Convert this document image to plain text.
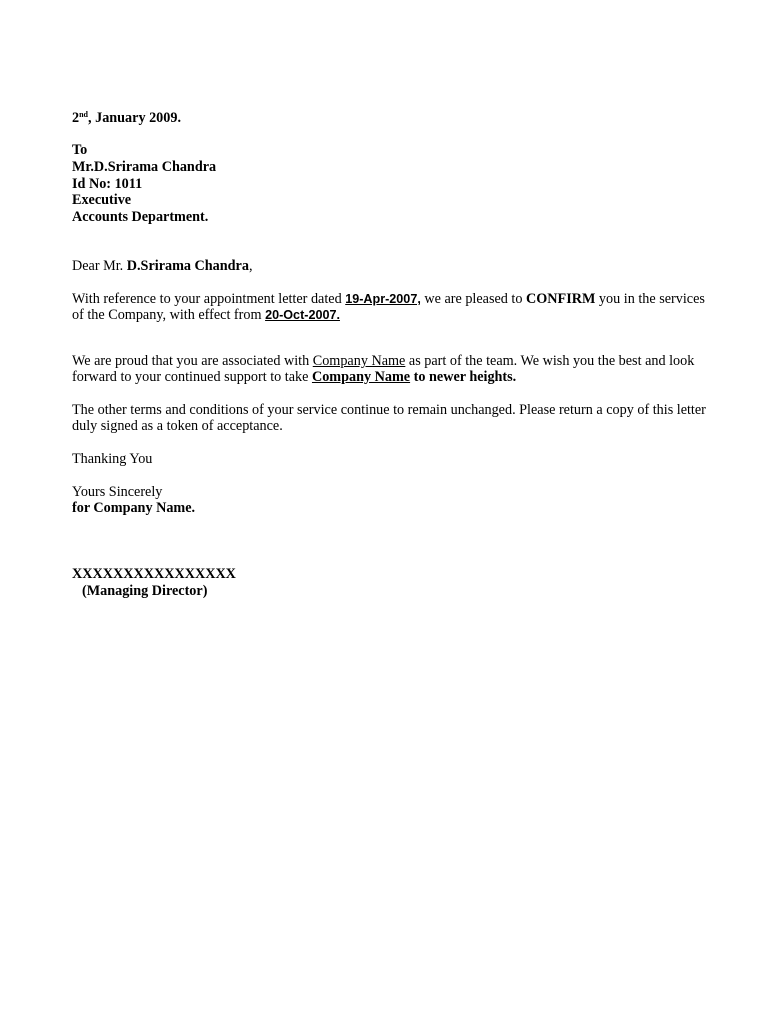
2nd, January 2009.
To
Mr.D.Srirama Chandra
Id No: 1011
Executive
Accounts Department.
Dear Mr. D.Srirama Chandra,
With reference to your appointment letter dated 19-Apr-2007, we are pleased to CONFIRM you in the services
of the Company, with effect from 20-Oct-2007.
We are proud that you are associated with Company Name as part of the team. We wish you the best and look
forward to your continued support to take Company Name to newer heights.
The other terms and conditions of your service continue to remain unchanged. Please return a copy of this letter
duly signed as a token of acceptance.
Thanking You
Yours Sincerely
for Company Name.
XXXXXXXXXXXXXXXX
(Managing Director)
